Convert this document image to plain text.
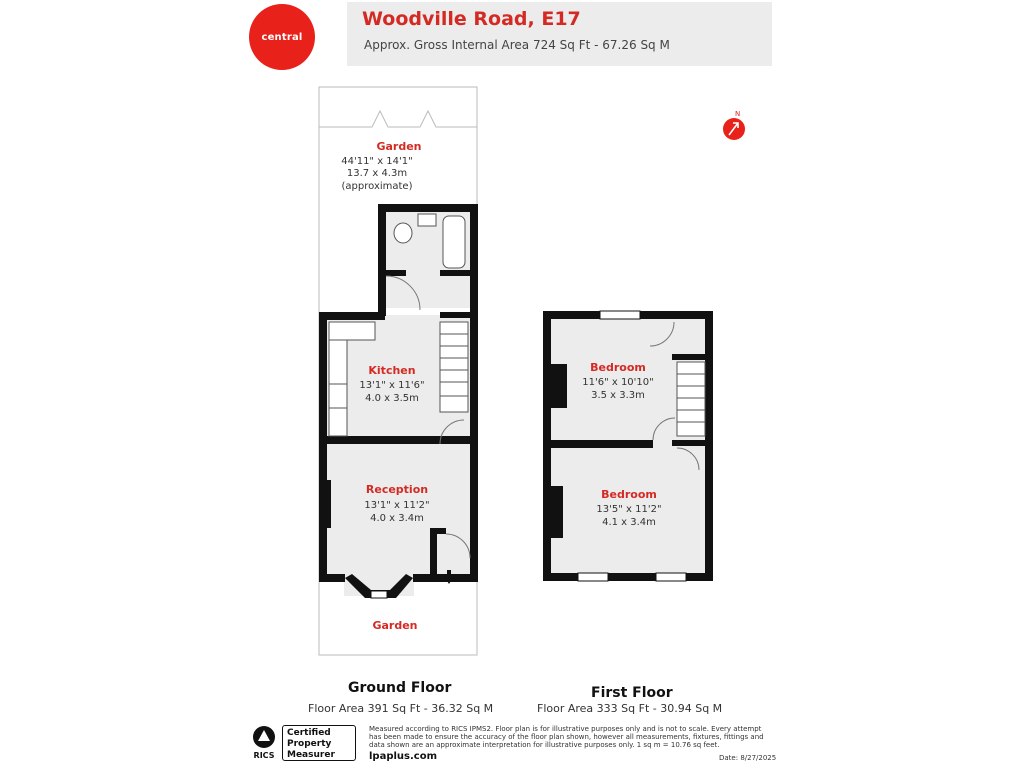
central
Woodville Road, E17
Approx. Gross Internal Area 724 Sq Ft - 67.26 Sq M
N
Garden
44'11" x 14'1"
13.7 x 4.3m
(approximate)
Kitchen
13'1" x 11'6"
4.0 x 3.5m
Reception
13'1" x 11'2"
4.0 x 3.4m
Garden
Bedroom
11'6" x 10'10"
3.5 x 3.3m
Bedroom
13'5" x 11'2"
4.1 x 3.4m
Ground Floor
Floor Area 391 Sq Ft - 36.32 Sq M
First Floor
Floor Area 333 Sq Ft - 30.94 Sq M
RICS
Certified
Property
Measurer
Measured according to RICS IPMS2. Floor plan is for illustrative purposes only and is not to scale. Every attempt has been made to ensure the accuracy of the floor plan shown, however all measurements, fixtures, fittings and data shown are an approximate interpretation for illustrative purposes only. 1 sq m = 10.76 sq feet.
lpaplus.com	Date: 8/27/2025
